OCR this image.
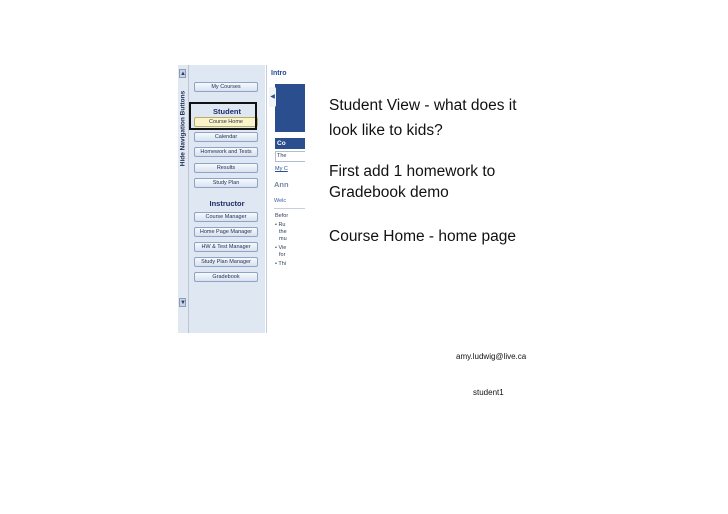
▲
Hide Navigation Buttons
▼
My Courses
Student
Course Home
Calendar
Homework and Tests
Results
Study Plan
Instructor
Course Manager
Home Page Manager
HW & Test Manager
Study Plan Manager
Gradebook
Intro
◀
Co
The
My C
Ann
Welc
Befor
• Ru
the
mu
• Vie
for
• Thi
Student View - what does it
look like to kids?
First add 1 homework to
Gradebook demo
Course Home - home page
amy.ludwig@live.ca
student1
